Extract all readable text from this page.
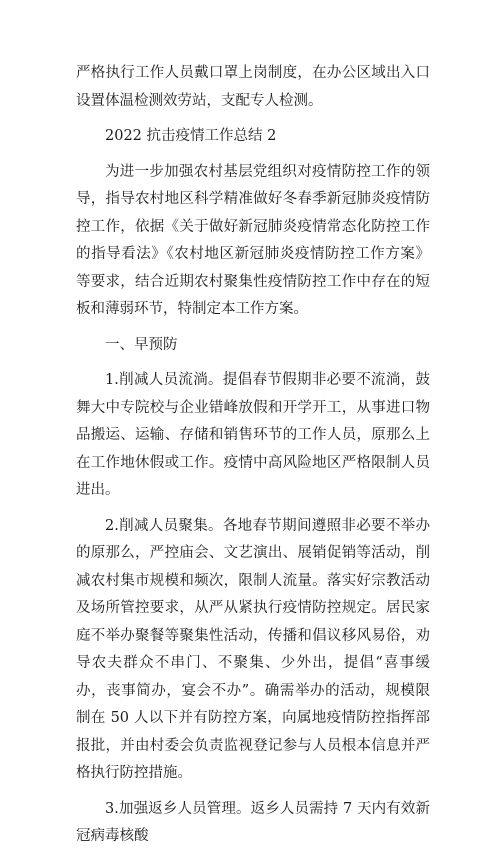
严格执行工作人员戴口罩上岗制度，在办公区域出入口设置体温检测效劳站，支配专人检测。

2022 抗击疫情工作总结 2

为进一步加强农村基层党组织对疫情防控工作的领导，指导农村地区科学精准做好冬春季新冠肺炎疫情防控工作，依据《关于做好新冠肺炎疫情常态化防控工作的指导看法》《农村地区新冠肺炎疫情防控工作方案》等要求，结合近期农村聚集性疫情防控工作中存在的短板和薄弱环节，特制定本工作方案。

一、早预防

1.削减人员流淌。提倡春节假期非必要不流淌，鼓舞大中专院校与企业错峰放假和开学开工，从事进口物品搬运、运输、存储和销售环节的工作人员，原那么上在工作地休假或工作。疫情中高风险地区严格限制人员进出。

2.削减人员聚集。各地春节期间遵照非必要不举办的原那么，严控庙会、文艺演出、展销促销等活动，削减农村集市规模和频次，限制人流量。落实好宗教活动及场所管控要求，从严从紧执行疫情防控规定。居民家庭不举办聚餐等聚集性活动，传播和倡议移风易俗，劝导农夫群众不串门、不聚集、少外出，提倡“喜事缓办，丧事简办，宴会不办”。确需举办的活动，规模限制在 50 人以下并有防控方案，向属地疫情防控指挥部报批，并由村委会负责监视登记参与人员根本信息并严格执行防控措施。

3.加强返乡人员管理。返乡人员需持 7 天内有效新冠病毒核酸
